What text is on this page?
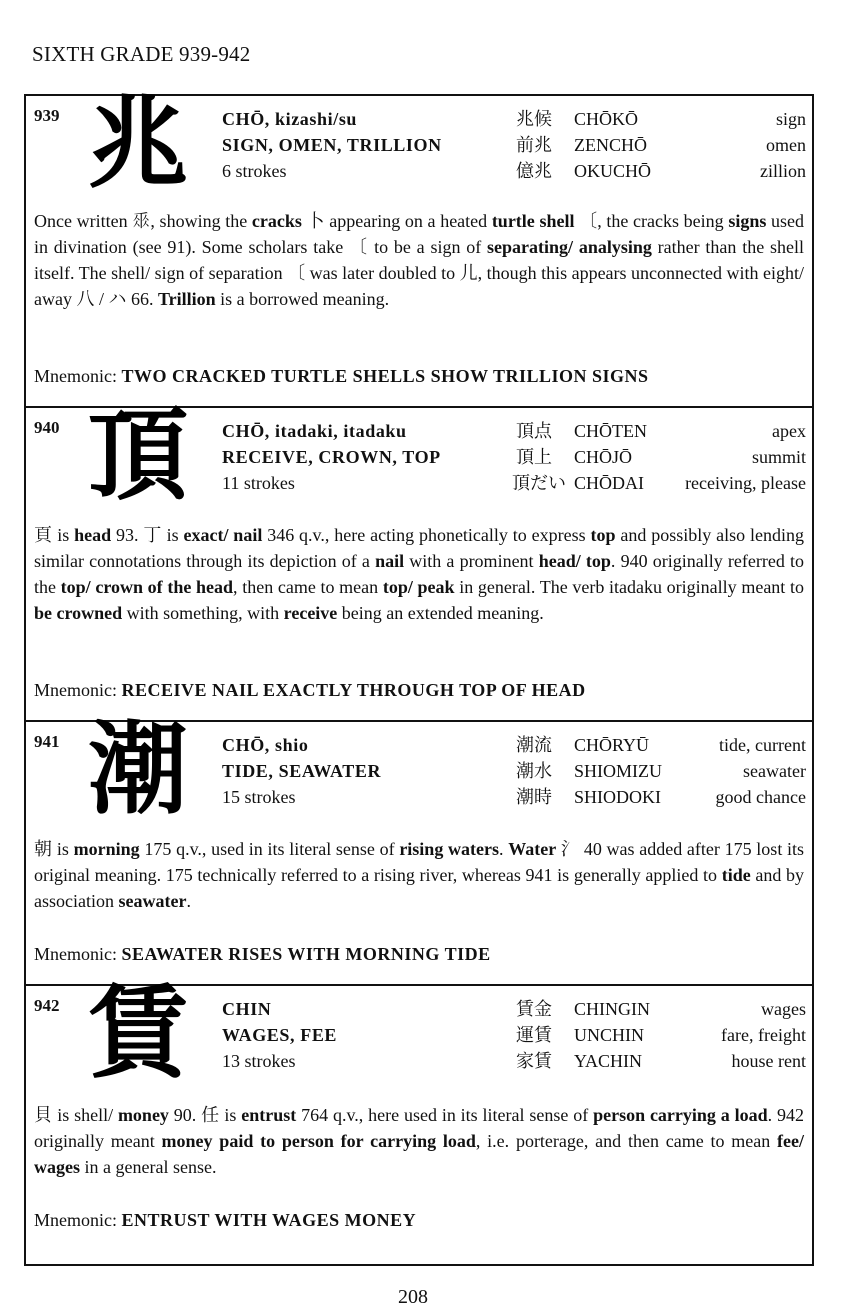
SIXTH GRADE 939-942
939 兆 CHŌ, kizashi/su
SIGN, OMEN, TRILLION
6 strokes
兆候	CHŌKŌ	sign
前兆	ZENCHŌ	omen
億兆	OKUCHŌ	zillion
Once written 𠂹, showing the cracks 卜 appearing on a heated turtle shell 〔, the cracks being signs used in divination (see 91). Some scholars take 〔 to be a sign of separating/ analysing rather than the shell itself. The shell/ sign of separation 〔 was later doubled to 儿, though this appears unconnected with eight/ away 八 / ハ 66. Trillion is a borrowed meaning.
Mnemonic: TWO CRACKED TURTLE SHELLS SHOW TRILLION SIGNS
940 頂 CHŌ, itadaki, itadaku
RECEIVE, CROWN, TOP
11 strokes
頂点	CHŌTEN	apex
頂上	CHŌJŌ	summit
頂だい CHŌDAI	receiving, please
頁 is head 93. 丁 is exact/ nail 346 q.v., here acting phonetically to express top and possibly also lending similar connotations through its depiction of a nail with a prominent head/ top. 940 originally referred to the top/ crown of the head, then came to mean top/ peak in general. The verb itadaku originally meant to be crowned with something, with receive being an extended meaning.
Mnemonic: RECEIVE NAIL EXACTLY THROUGH TOP OF HEAD
941 潮 CHŌ, shio
TIDE, SEAWATER
15 strokes
潮流	CHŌRYŪ	tide, current
潮水	SHIOMIZU	seawater
潮時	SHIODOKI	good chance
朝 is morning 175 q.v., used in its literal sense of rising waters. Water 氵 40 was added after 175 lost its original meaning. 175 technically referred to a rising river, whereas 941 is generally applied to tide and by association seawater.
Mnemonic: SEAWATER RISES WITH MORNING TIDE
942 賃 CHIN
WAGES, FEE
13 strokes
賃金	CHINGIN	wages
運賃	UNCHIN	fare, freight
家賃	YACHIN	house rent
貝 is shell/ money 90. 任 is entrust 764 q.v., here used in its literal sense of person carrying a load. 942 originally meant money paid to person for carrying load, i.e. porterage, and then came to mean fee/ wages in a general sense.
Mnemonic: ENTRUST WITH WAGES MONEY
208
